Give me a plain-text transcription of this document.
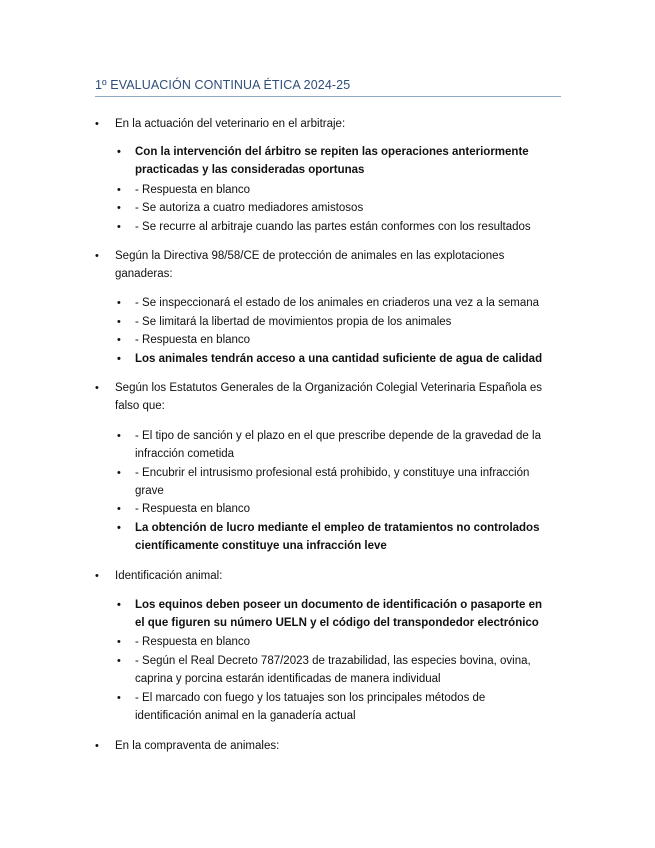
1º EVALUACIÓN CONTINUA ÉTICA 2024-25
•	En la actuación del veterinario en el arbitraje:
•	Con la intervención del árbitro se repiten las operaciones anteriormente practicadas y las consideradas oportunas
•	- Respuesta en blanco
•	- Se autoriza a cuatro mediadores amistosos
•	- Se recurre al arbitraje cuando las partes están conformes con los resultados
•	Según la Directiva 98/58/CE de protección de animales en las explotaciones ganaderas:
•	- Se inspeccionará el estado de los animales en criaderos una vez a la semana
•	- Se limitará la libertad de movimientos propia de los animales
•	- Respuesta en blanco
•	Los animales tendrán acceso a una cantidad suficiente de agua de calidad
•	Según los Estatutos Generales de la Organización Colegial Veterinaria Española es falso que:
•	- El tipo de sanción y el plazo en el que prescribe depende de la gravedad de la infracción cometida
•	- Encubrir el intrusismo profesional está prohibido, y constituye una infracción grave
•	- Respuesta en blanco
•	La obtención de lucro mediante el empleo de tratamientos no controlados científicamente constituye una infracción leve
•	Identificación animal:
•	Los equinos deben poseer un documento de identificación o pasaporte en el que figuren su número UELN y el código del transpondedor electrónico
•	- Respuesta en blanco
•	- Según el Real Decreto 787/2023 de trazabilidad, las especies bovina, ovina, caprina y porcina estarán identificadas de manera individual
•	- El marcado con fuego y los tatuajes son los principales métodos de identificación animal en la ganadería actual
•	En la compraventa de animales:
